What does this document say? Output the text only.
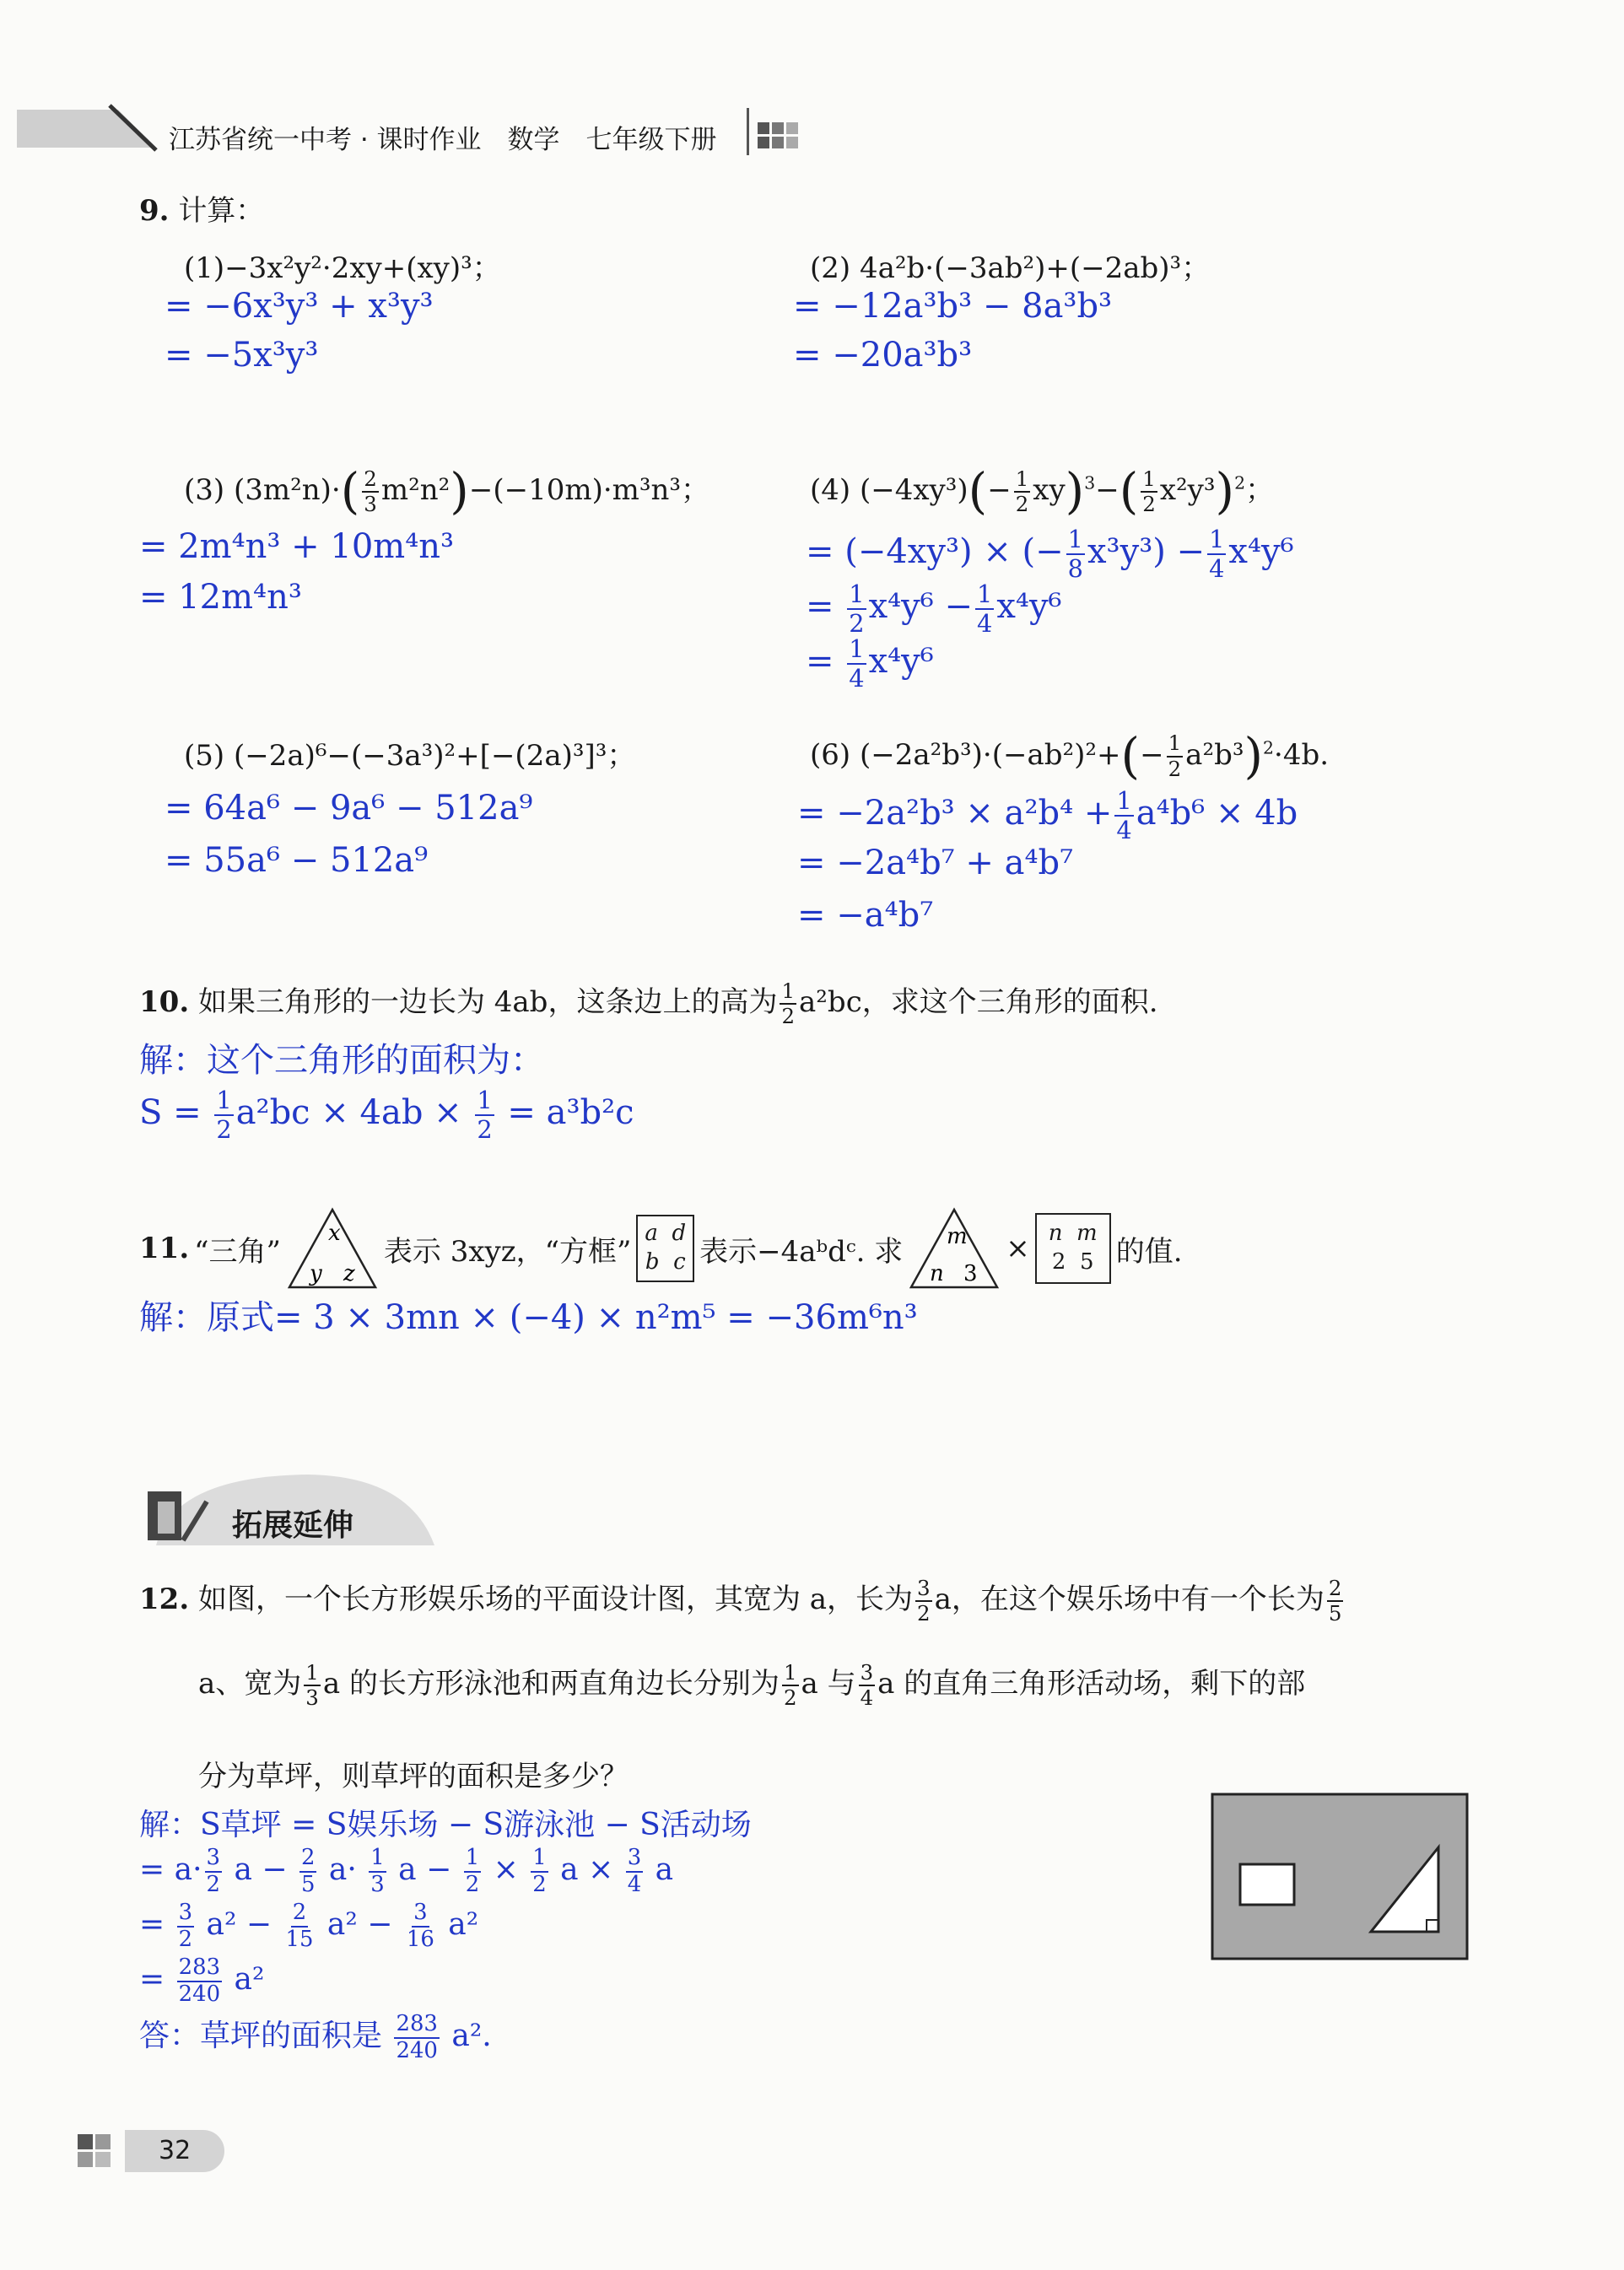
江苏省统一中考 · 课时作业　数学　七年级下册
9. 计算：
(1)−3x²y²·2xy+(xy)³；
= −6x³y³ + x³y³
= −5x³y³
(2) 4a²b·(−3ab²)+(−2ab)³；
= −12a³b³ − 8a³b³
= −20a³b³
(3) $(3m^2n)\cdot( \frac{2}{3} m^2n^2)-(-10m)\cdot m^3n^3$；
= 2m⁴n³ + 10m⁴n³
= 12m⁴n³
(4) $(-4xy^3)(- \frac{1}{2} xy)^3-( \frac{1}{2} x^2y^3)^2$；
= (−4xy³) × (− $\frac{1}{8} x^3y^3) - \frac{1}{4} x^4y^6$
= $\frac{1}{2} x^4y^6 - \frac{1}{4} x^4y^6$
= $\frac{1}{4} x^4y^6$
(5) (−2a)⁶−(−3a³)²+[−(2a)³]³；
= 64a⁶ − 9a⁶ − 512a⁹
= 55a⁶ − 512a⁹
(6) $(-2a^2b^3)\cdot(-ab^2)^2+(- \frac{1}{2} a^2b^3)^2\cdot 4b$.
= $-2a^2b^3 \times a^2b^4 + \frac{1}{4} a^4b^6 \times 4b$
= −2a⁴b⁷ + a⁴b⁷
= −a⁴b⁷
10. 如果三角形的一边长为 4ab，这条边上的高为 $\frac{1}{2} a^2bc$，求这个三角形的面积.
解：这个三角形的面积为：
$S = \frac{1}{2} a^2bc \times 4ab \times \frac{1}{2} = a^3b^2c$
11. “三角”
x
y z
表示 3xyz，“方框”
a d
b c 表示−4aᵇdᶜ. 求 m
n 3
× n m
2 5 的值.
解：原式= 3 × 3mn × (−4) × n²m⁵ = −36m⁶n³
拓展延伸
12. 如图，一个长方形娱乐场的平面设计图，其宽为 a，长为 $\frac{3}{2}$ a，在这个娱乐场中有一个长为 $\frac{2}{5}$
a、宽为 $\frac{1}{3}$ a 的长方形泳池和两直角边长分别为 $\frac{1}{2}$ a 与 $\frac{3}{4}$ a 的直角三角形活动场，剩下的部
分为草坪，则草坪的面积是多少？
解：S草坪 = S娱乐场 − S游泳池 − S活动场
= $a\cdot \frac{3}{2}$ $a - \frac{2}{5} a\cdot \frac{1}{3}$ $a - \frac{1}{2} \times \frac{1}{2}$ $a \times \frac{3}{4}$ a
= $\frac{3}{2} a^2 - \frac{2}{15} a^2 - \frac{3}{16} a^2$
= $\frac{283}{240} a^2$
答：草坪的面积是 $\frac{283}{240} a^2$.
32
